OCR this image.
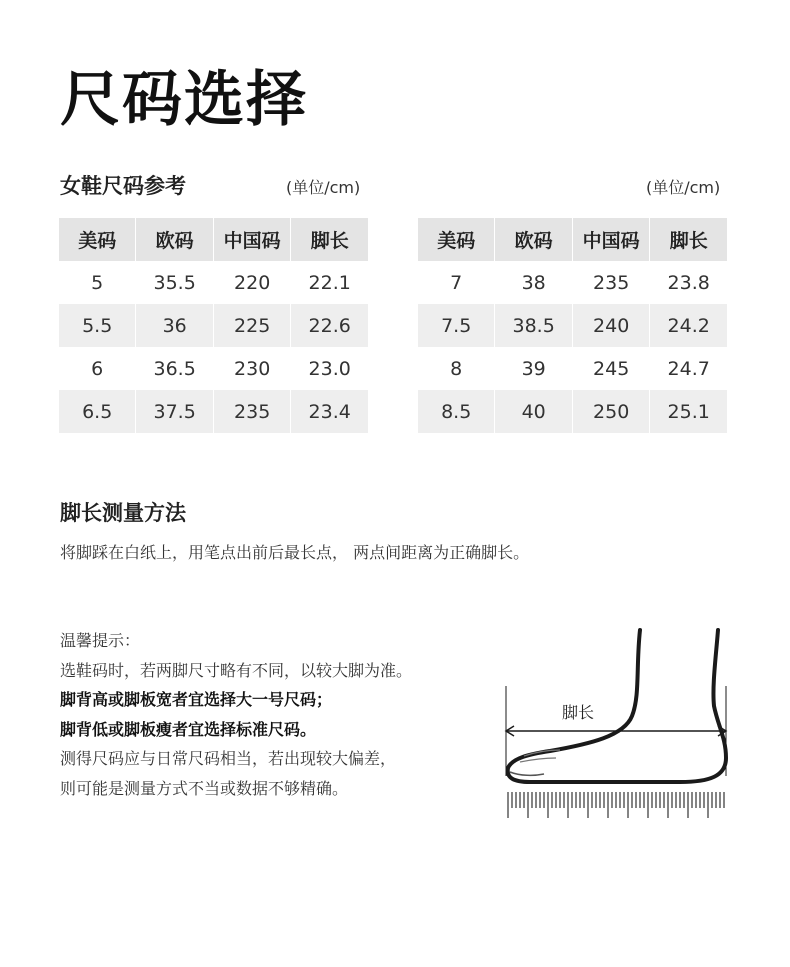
尺码选择
女鞋尺码参考	(单位/cm)	(单位/cm)
美码	欧码	中国码	脚长
5	35.5	220	22.1
5.5	36	225	22.6
6	36.5	230	23.0
6.5	37.5	235	23.4
美码	欧码	中国码	脚长
7	38	235	23.8
7.5	38.5	240	24.2
8	39	245	24.7
8.5	40	250	25.1
脚长测量方法
将脚踩在白纸上，用笔点出前后最长点， 两点间距离为正确脚长。
温馨提示：
选鞋码时，若两脚尺寸略有不同，以较大脚为准。
脚背高或脚板宽者宜选择大一号尺码；
脚背低或脚板瘦者宜选择标准尺码。
测得尺码应与日常尺码相当，若出现较大偏差，
则可能是测量方式不当或数据不够精确。
脚长
